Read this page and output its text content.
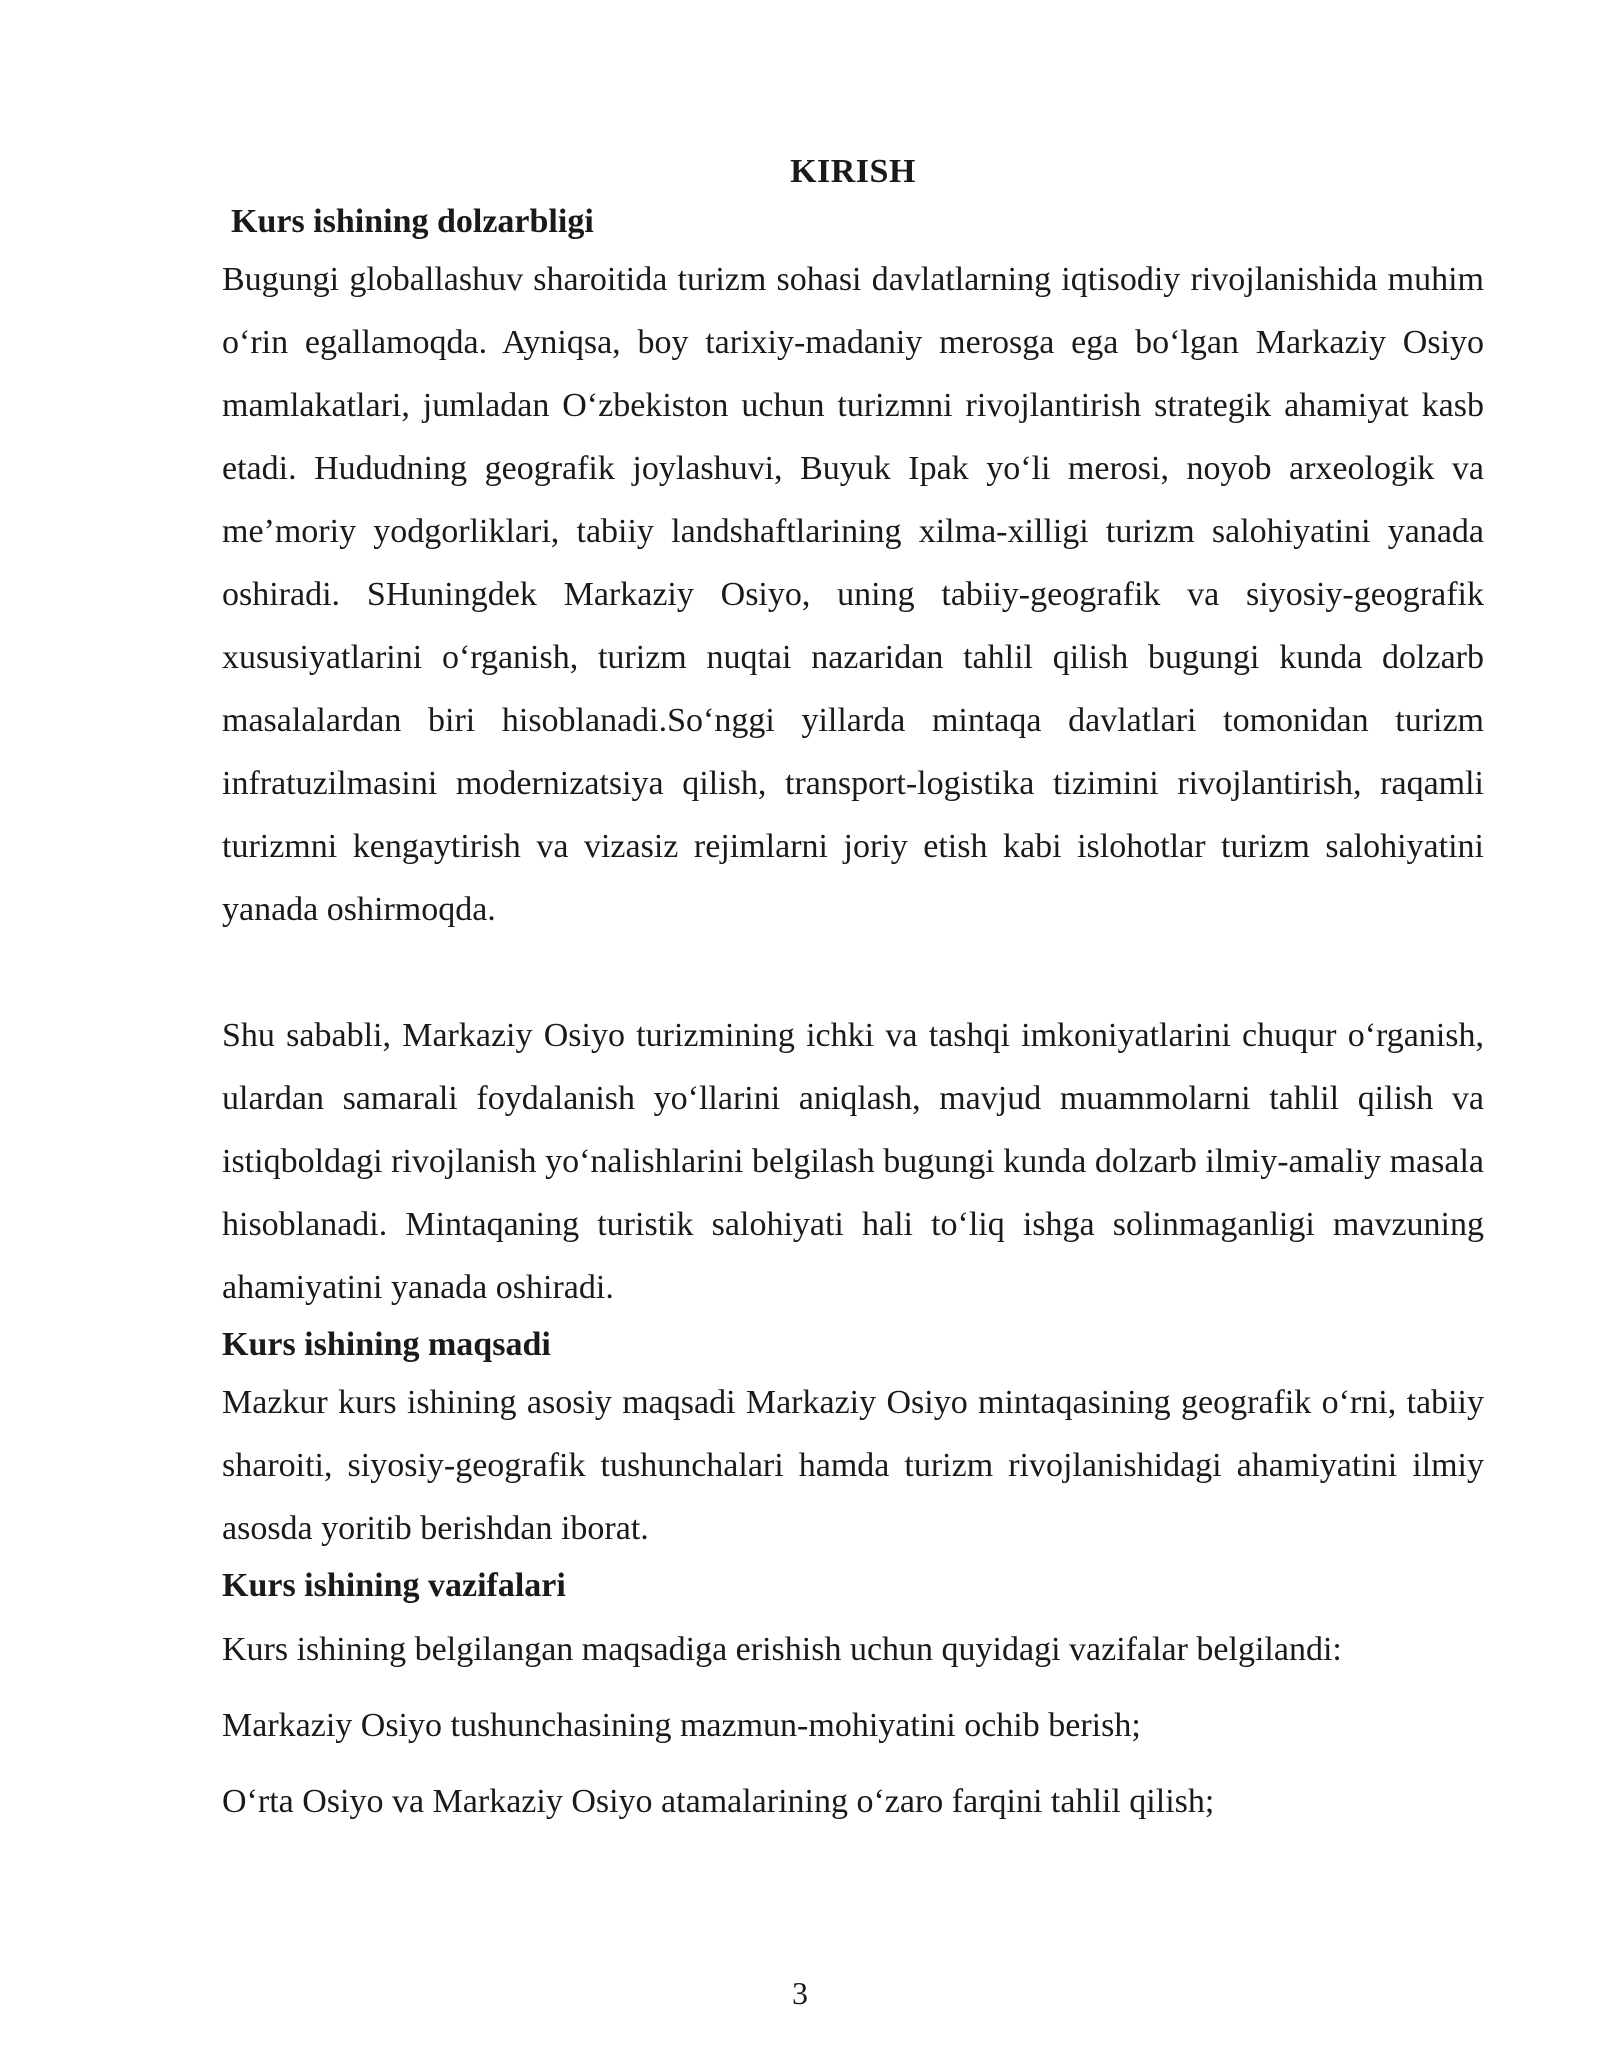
KIRISH

Kurs ishining dolzarbligi

Bugungi globallashuv sharoitida turizm sohasi davlatlarning iqtisodiy rivojlanishida muhim o‘rin egallamoqda. Ayniqsa, boy tarixiy-madaniy merosga ega bo‘lgan Markaziy Osiyo mamlakatlari, jumladan O‘zbekiston uchun turizmni rivojlantirish strategik ahamiyat kasb etadi. Hududning geografik joylashuvi, Buyuk Ipak yo‘li merosi, noyob arxeologik va me’moriy yodgorliklari, tabiiy landshaftlarining xilma-xilligi turizm salohiyatini yanada oshiradi. SHuningdek Markaziy Osiyo, uning tabiiy-geografik va siyosiy-geografik xususiyatlarini o‘rganish, turizm nuqtai nazaridan tahlil qilish bugungi kunda dolzarb masalalardan biri hisoblanadi.So‘nggi yillarda mintaqa davlatlari tomonidan turizm infratuzilmasini modernizatsiya qilish, transport-logistika tizimini rivojlantirish, raqamli turizmni kengaytirish va vizasiz rejimlarni joriy etish kabi islohotlar turizm salohiyatini yanada oshirmoqda.

Shu sababli, Markaziy Osiyo turizmining ichki va tashqi imkoniyatlarini chuqur o‘rganish, ulardan samarali foydalanish yo‘llarini aniqlash, mavjud muammolarni tahlil qilish va istiqboldagi rivojlanish yo‘nalishlarini belgilash bugungi kunda dolzarb ilmiy-amaliy masala hisoblanadi. Mintaqaning turistik salohiyati hali to‘liq ishga solinmaganligi mavzuning ahamiyatini yanada oshiradi.

Kurs ishining maqsadi

Mazkur kurs ishining asosiy maqsadi Markaziy Osiyo mintaqasining geografik o‘rni, tabiiy sharoiti, siyosiy-geografik tushunchalari hamda turizm rivojlanishidagi ahamiyatini ilmiy asosda yoritib berishdan iborat.

Kurs ishining vazifalari

Kurs ishining belgilangan maqsadiga erishish uchun quyidagi vazifalar belgilandi:

Markaziy Osiyo tushunchasining mazmun-mohiyatini ochib berish;

O‘rta Osiyo va Markaziy Osiyo atamalarining o‘zaro farqini tahlil qilish;

3
